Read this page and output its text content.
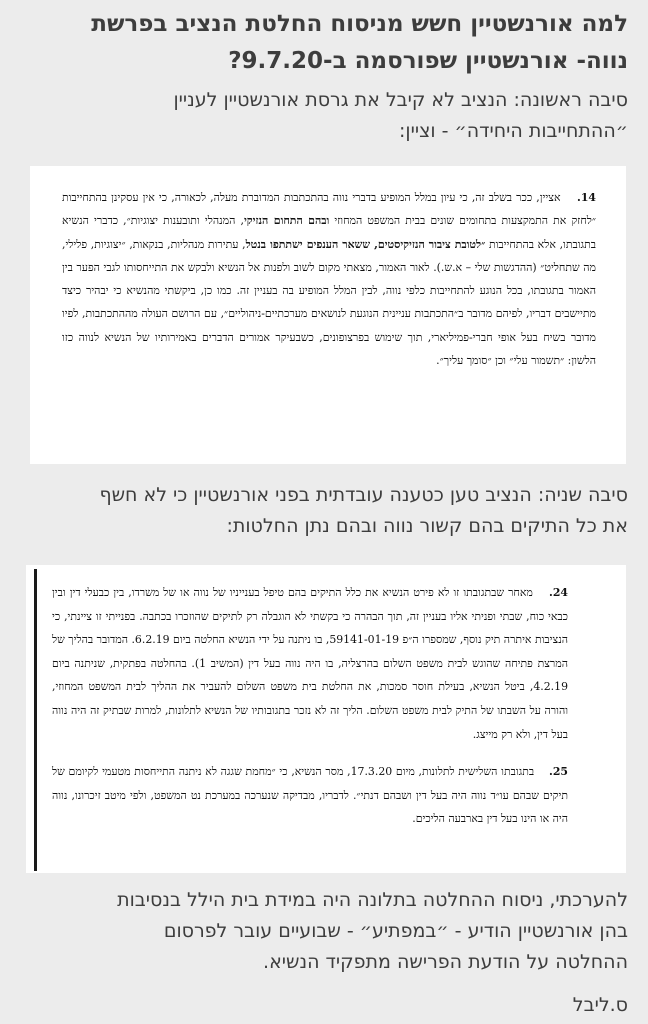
למה אורנשטיין חשש מניסוח החלטת הנציב בפרשת
נווה- אורנשטיין שפורסמה ב-9.7.20?
סיבה ראשונה: הנציב לא קיבל את גרסת אורנשטיין לעניין
״ההתחייבות היחידה״ - וציין:

14.    אציין, ככר בשלב זה, כי עיון במלל המופיע בדברי נווה בהתכתבות המדוברת מעלה, לכאורה, כי אין עסקינן בהתחייבות ״לחזק את התמקצעות בתחומים שונים בבית המשפט המחוזי ובהם התחום הנזיקי, המנהלי ותובענות יצוגיות״, כדברי הנשיא בתגובתו, אלא בהתחייבות ״לטובת ציבור הנזיקיסטים, ששאר הענפים ישתתפו בנטל, עתירות מנהליות, בנקאות, ״יצוגיות, פלילי, מה שתחליט״ (ההדגשות שלי – א.ש.). לאור האמור, מצאתי מקום לשוב ולפנות אל הנשיא ולבקש את התייחסותו לגבי הפער בין האמור בתגובתו, בכל הנוגע להתחייבות כלפי נווה, לבין המלל המופיע בה בעניין זה. כמו כן, ביקשתי מהנשיא כי יבהיר כיצד מתיישבים דבריו, לפיהם מדובר ב״התכתבות עניינית הנוגעת לנושאים מערכתיים-ניהוליים״, עם הרושם העולה מההתכתבות, לפיו מדובר בשיח בעל אופי חברי-פמיליארי, תוך שימוש בפרצופונים, כשבעיקר אמורים הדברים באמירותיו של הנשיא לנווה כזו הלשון: ״תשמור עלי״ וכן ״סומך עליך״.

סיבה שניה: הנציב טען כטענה עובדתית בפני אורנשטיין כי לא חשף
את כל התיקים בהם קשור נווה ובהם נתן החלטות:

24.    מאחר שבתגובתו זו לא פירט הנשיא את כלל התיקים בהם טיפל בענייניו של נווה או של משרדו, בין כבעלי דין ובין כבאי כוח, שבתי ופניתי אליו בעניין זה, תוך הבהרה כי בקשתי לא הוגבלה רק לתיקים שהוזכרו בכתבה. בפנייתי זו ציינתי, כי הנציבות איתרה תיק נוסף, שמספרו ה״פ 59141-01-19, בו ניתנה על ידי הנשיא החלטה ביום 6.2.19. המדובר בהליך של המרצת פתיחה שהוגש לבית משפט השלום בהרצליה, בו היה נווה בעל דין (המשיב 1). בהחלטה בפתקית, שניתנה ביום 4.2.19, ביטל הנשיא, בעילת חוסר סמכות, את החלטת בית משפט השלום להעביר את ההליך לבית המשפט המחוזי, והורה על השבתו של התיק לבית משפט השלום. הליך זה לא נזכר בתגובותיו של הנשיא לתלונות, למרות שבתיק זה היה נווה בעל דין, ולא רק מייצג.

25.    בתגובתו השלישית לתלונות, מיום 17.3.20, מסר הנשיא, כי ״מחמת שגגה לא ניתנה התייחסות מטעמי לקיומם של תיקים שבהם עו״ד נווה היה בעל דין ושבהם דנתי״. לדבריו, מבדיקה שנערכה במערכת נט המשפט, ולפי מיטב זיכרונו, נווה היה או הינו בעל דין בארבעה הליכים.

להערכתי, ניסוח ההחלטה בתלונה היה במידת בית הילל בנסיבות
בהן אורנשטיין הודיע - ״במפתיע״ - שבועיים עובר לפרסום
ההחלטה על הודעת הפרישה מתפקיד הנשיא.
ס.ליבל
